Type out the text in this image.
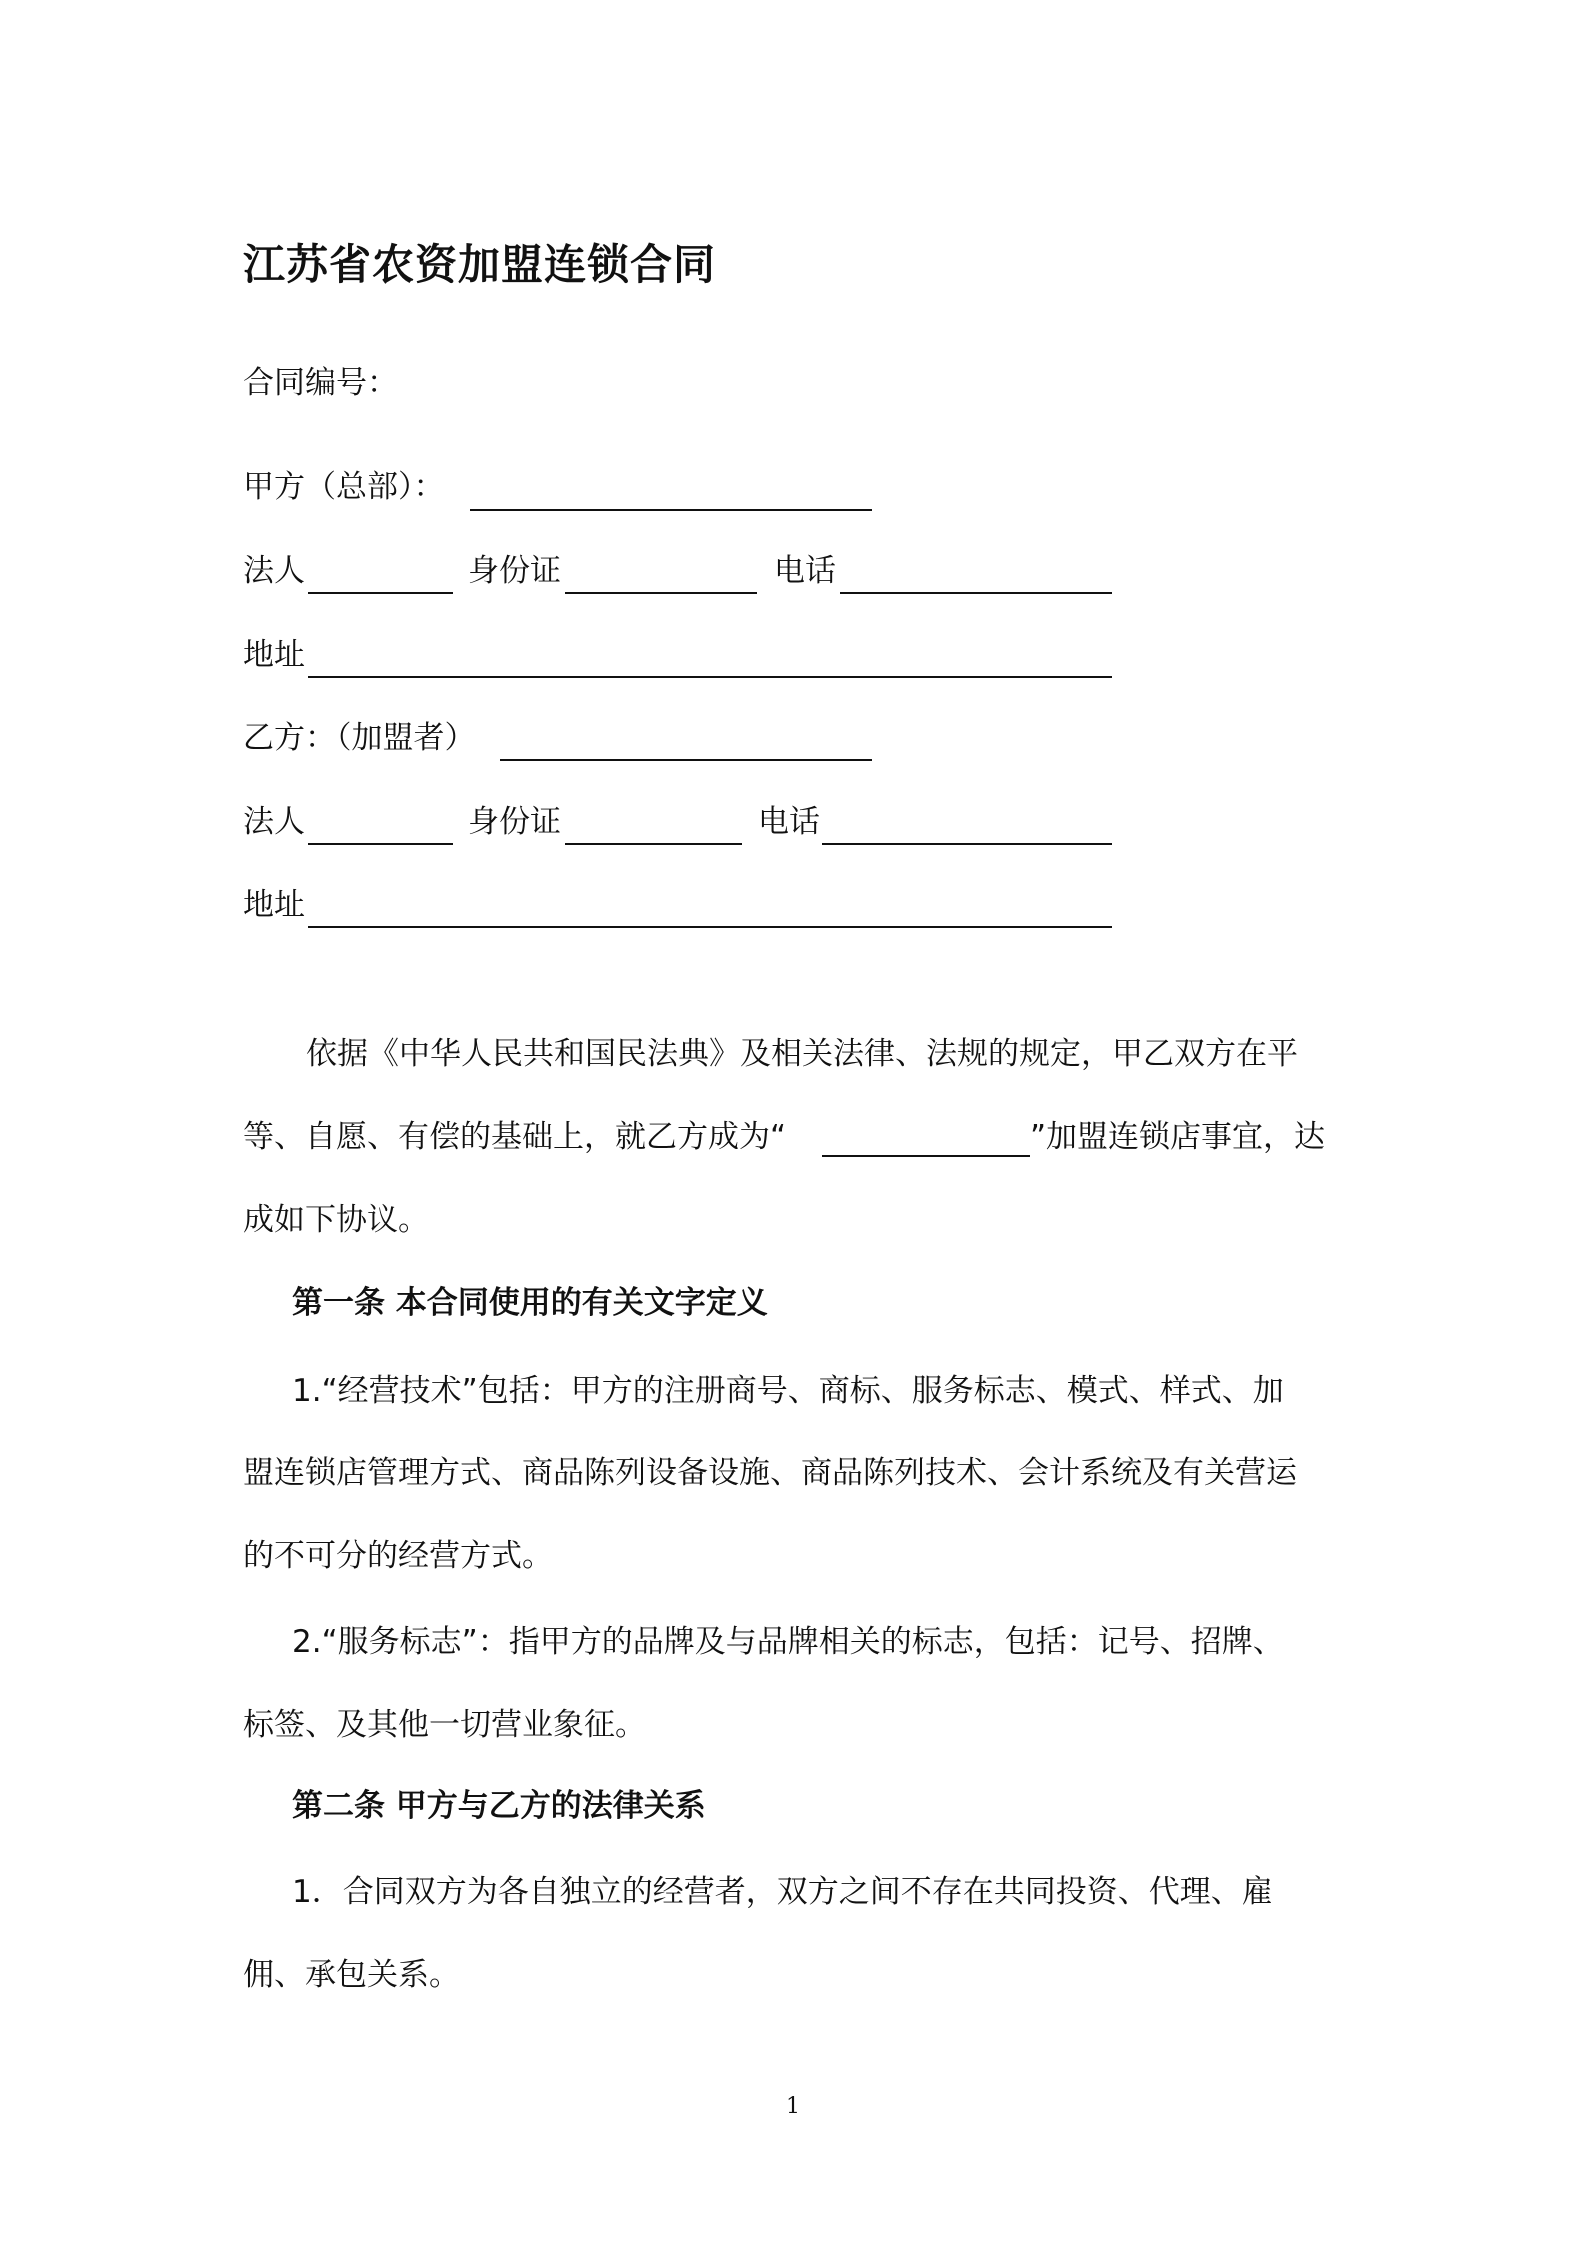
江苏省农资加盟连锁合同
合同编号：
甲方（总部）：
法人	身份证	电话
地址
乙方：（加盟者）
法人	身份证	电话
地址
依据《中华人民共和国民法典》及相关法律、法规的规定，甲乙双方在平
等、自愿、有偿的基础上，就乙方成为“	”加盟连锁店事宜，达
成如下协议。
第一条 本合同使用的有关文字定义
1.“经营技术”包括：甲方的注册商号、商标、服务标志、模式、样式、加
盟连锁店管理方式、商品陈列设备设施、商品陈列技术、会计系统及有关营运
的不可分的经营方式。
2.“服务标志”：指甲方的品牌及与品牌相关的标志，包括：记号、招牌、
标签、及其他一切营业象征。
第二条 甲方与乙方的法律关系
1．合同双方为各自独立的经营者，双方之间不存在共同投资、代理、雇
佣、承包关系。
1
